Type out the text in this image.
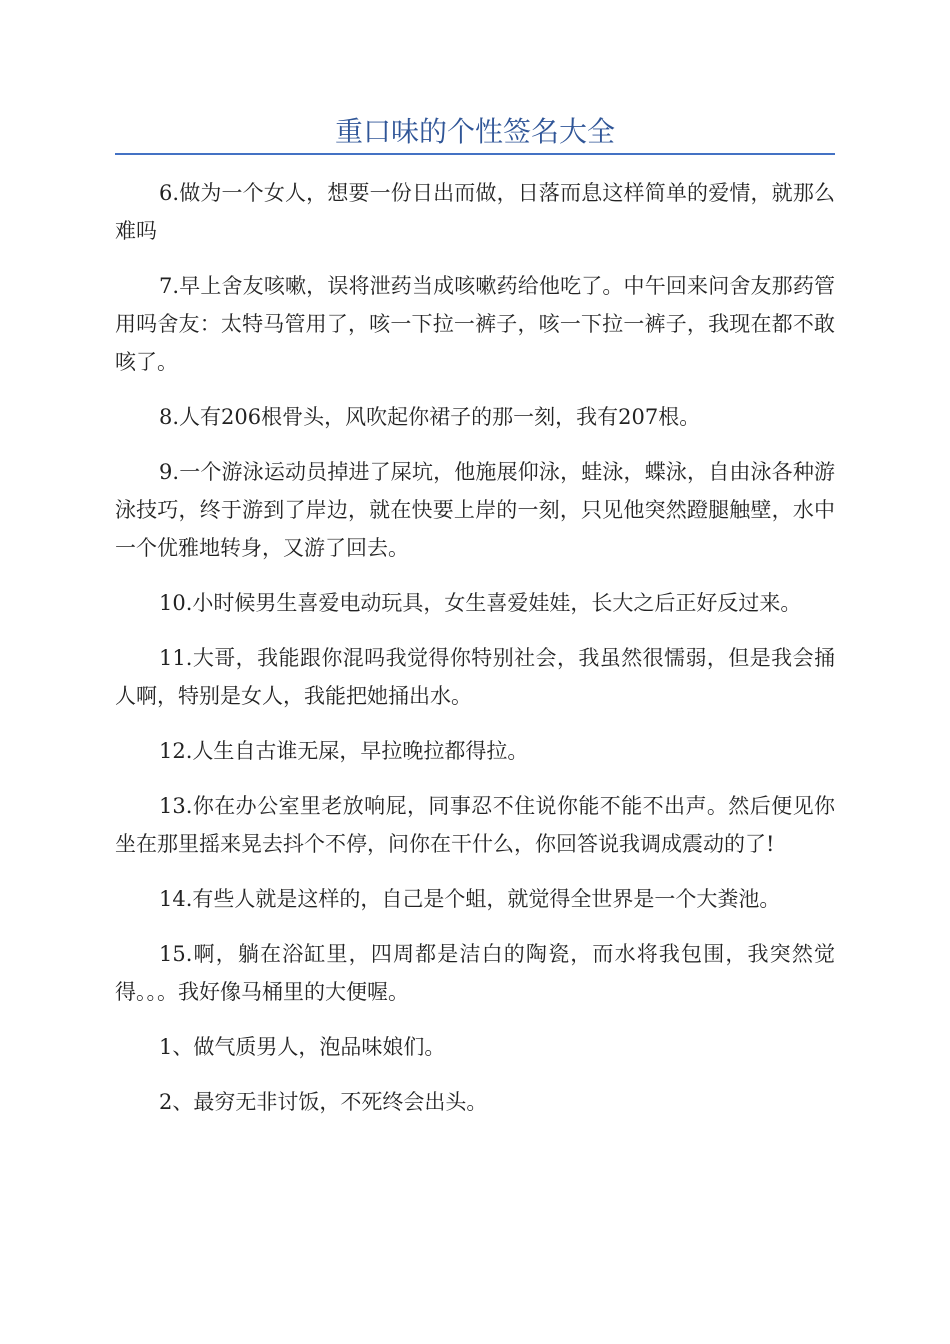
重口味的个性签名大全

6.做为一个女人，想要一份日出而做，日落而息这样简单的爱情，就那么难吗

7.早上舍友咳嗽，误将泄药当成咳嗽药给他吃了。中午回来问舍友那药管用吗舍友：太特马管用了，咳一下拉一裤子，咳一下拉一裤子，我现在都不敢咳了。

8.人有206根骨头，风吹起你裙子的那一刻，我有207根。

9.一个游泳运动员掉进了屎坑，他施展仰泳，蛙泳，蝶泳，自由泳各种游泳技巧，终于游到了岸边，就在快要上岸的一刻，只见他突然蹬腿触壁，水中一个优雅地转身，又游了回去。

10.小时候男生喜爱电动玩具，女生喜爱娃娃，长大之后正好反过来。

11.大哥，我能跟你混吗我觉得你特别社会，我虽然很懦弱，但是我会捅人啊，特别是女人，我能把她捅出水。

12.人生自古谁无屎，早拉晚拉都得拉。

13.你在办公室里老放响屁，同事忍不住说你能不能不出声。然后便见你坐在那里摇来晃去抖个不停，问你在干什么，你回答说我调成震动的了!

14.有些人就是这样的，自己是个蛆，就觉得全世界是一个大粪池。

15.啊，躺在浴缸里，四周都是洁白的陶瓷，而水将我包围，我突然觉得。。。我好像马桶里的大便喔。

1、做气质男人，泡品味娘们。

2、最穷无非讨饭，不死终会出头。
